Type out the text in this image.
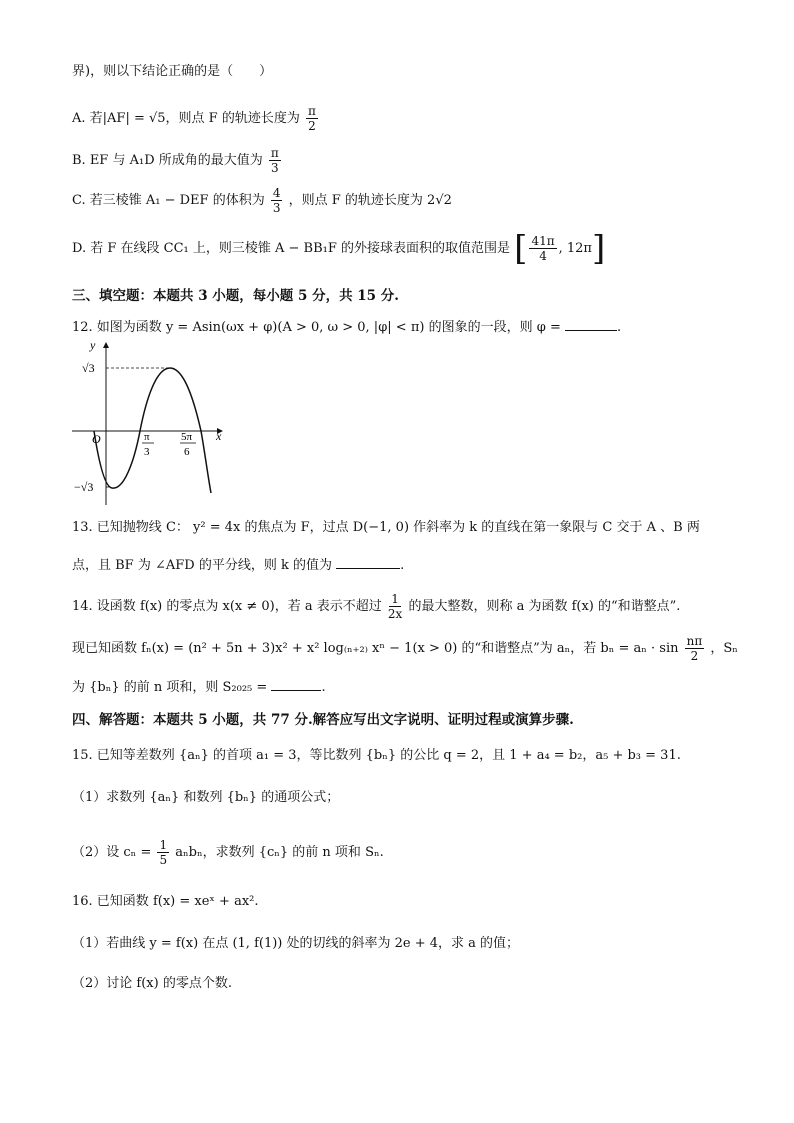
界)，则以下结论正确的是（　　）
A. 若|AF| = √5，则点 F 的轨迹长度为 $\frac{\pi}{2}$
B. EF 与 A₁D 所成角的最大值为 $\frac{\pi}{3}$
C. 若三棱锥 A₁ − DEF 的体积为 $\frac{4}{3}$ ，则点 F 的轨迹长度为 2√2
D. 若 F 在线段 CC₁ 上，则三棱锥 A − BB₁F 的外接球表面积的取值范围是 [ $\frac{41\pi}{4}$ , 12π]
三、填空题：本题共 3 小题，每小题 5 分，共 15 分.
12. 如图为函数 y = Asin(ωx + φ)(A > 0, ω > 0, |φ| < π) 的图象的一段，则 φ =	.
y
x
O
√3
−√3
π
3
5π
6
13. 已知抛物线 C： y² = 4x 的焦点为 F，过点 D(−1, 0) 作斜率为 k 的直线在第一象限与 C 交于 A 、B 两
点，且 BF 为 ∠AFD 的平分线，则 k 的值为	.
14. 设函数 f(x) 的零点为 x(x ≠ 0)，若 a 表示不超过 $\frac{1}{2x}$ 的最大整数，则称 a 为函数 f(x) 的“和谐整点”.
现已知函数 fₙ(x) = (n² + 5n + 3)x² + x² log₍ₙ₊₂₎ xⁿ − 1(x > 0) 的“和谐整点”为 aₙ，若 $b_n = a_n \cdot \sin \frac{n\pi}{2}$ ，Sₙ
为 {bₙ} 的前 n 项和，则 S₂₀₂₅ =	.
四、解答题：本题共 5 小题，共 77 分.解答应写出文字说明、证明过程或演算步骤.
15. 已知等差数列 {aₙ} 的首项 a₁ = 3，等比数列 {bₙ} 的公比 q = 2，且 1 + a₄ = b₂，a₅ + b₃ = 31.
（1）求数列 {aₙ} 和数列 {bₙ} 的通项公式；
（2）设 $c_n = \frac{1}{5}$ aₙbₙ，求数列 {cₙ} 的前 n 项和 Sₙ.
16. 已知函数 f(x) = xeˣ + ax².
（1）若曲线 y = f(x) 在点 (1, f(1)) 处的切线的斜率为 2e + 4，求 a 的值；
（2）讨论 f(x) 的零点个数.
